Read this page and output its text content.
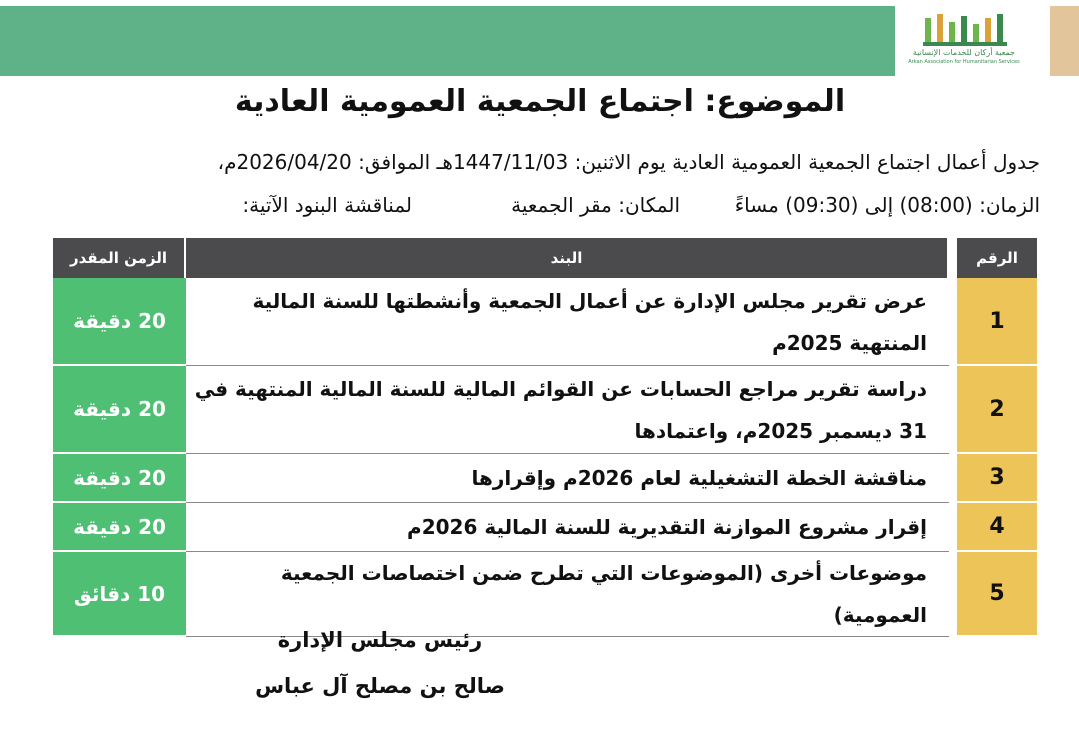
جمعية أركان للخدمات الإنسانية
Arkan Association for Humanitarian Services
الموضوع: اجتماع الجمعية العمومية العادية
جدول أعمال اجتماع الجمعية العمومية العادية يوم الاثنين: 1447/11/03هـ الموافق: 2026/04/20م،
الزمان: (08:00) إلى (09:30) مساءً
المكان: مقر الجمعية
لمناقشة البنود الآتية:
الرقم		البند	الزمن المقدر
1		عرض تقرير مجلس الإدارة عن أعمال الجمعية وأنشطتها للسنة المالية
المنتهية 2025م	20 دقيقة
2		دراسة تقرير مراجع الحسابات عن القوائم المالية للسنة المالية المنتهية في
31 ديسمبر 2025م، واعتمادها	20 دقيقة
3		مناقشة الخطة التشغيلية لعام 2026م وإقرارها	20 دقيقة
4		إقرار مشروع الموازنة التقديرية للسنة المالية 2026م	20 دقيقة
5		موضوعات أخرى (الموضوعات التي تطرح ضمن اختصاصات الجمعية العمومية)	10 دقائق
رئيس مجلس الإدارة
صالح بن مصلح آل عباس
